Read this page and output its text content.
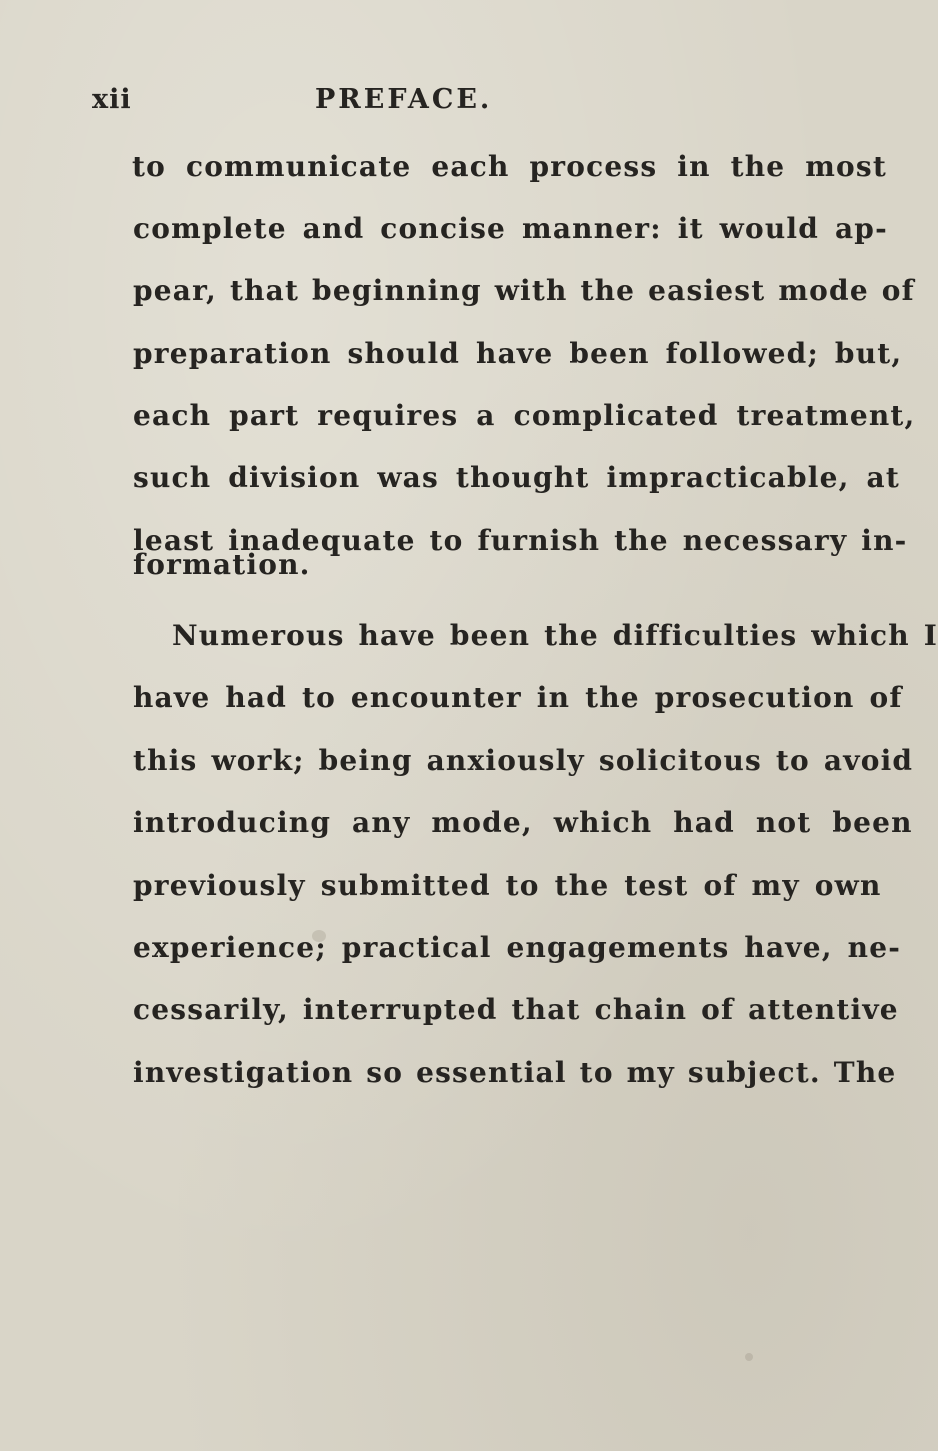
xii	PREFACE.
to communicate each process in the most
complete and concise manner: it would ap-
pear, that beginning with the easiest mode of
preparation should have been followed; but,
each part requires a complicated treatment,
such division was thought impracticable, at
least inadequate to furnish the necessary in-
formation.
Numerous have been the difficulties which I
have had to encounter in the prosecution of
this work; being anxiously solicitous to avoid
introducing any mode, which had not been
previously submitted to the test of my own
experience; practical engagements have, ne-
cessarily, interrupted that chain of attentive
investigation so essential to my subject. The
